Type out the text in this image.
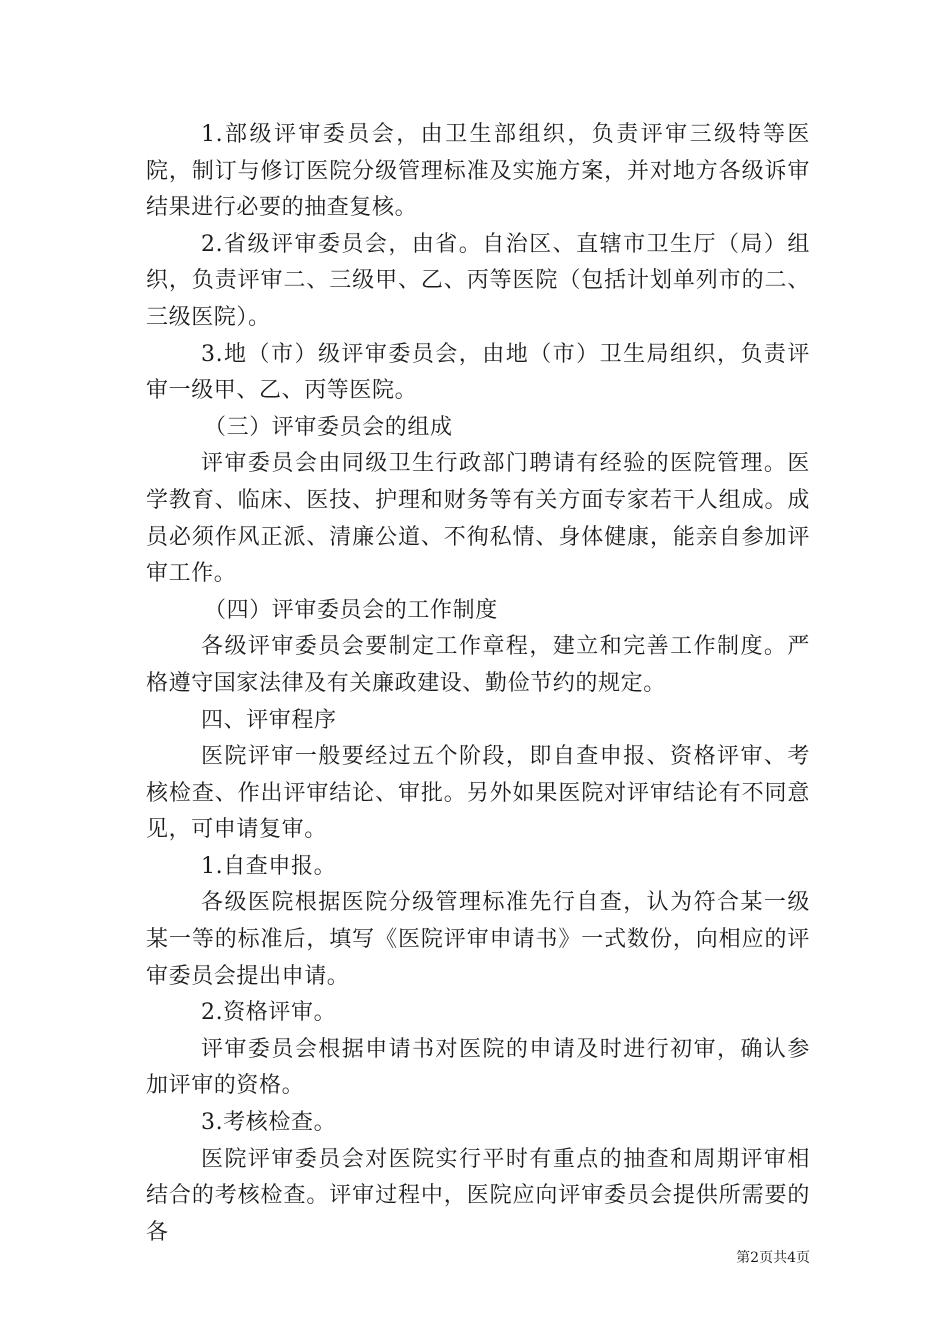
1.部级评审委员会，由卫生部组织，负责评审三级特等医院，制订与修订医院分级管理标准及实施方案，并对地方各级诉审结果进行必要的抽查复核。

2.省级评审委员会，由省。自治区、直辖市卫生厅（局）组织，负责评审二、三级甲、乙、丙等医院（包括计划单列市的二、三级医院）。

3.地（市）级评审委员会，由地（市）卫生局组织，负责评审一级甲、乙、丙等医院。

（三）评审委员会的组成

评审委员会由同级卫生行政部门聘请有经验的医院管理。医学教育、临床、医技、护理和财务等有关方面专家若干人组成。成员必须作风正派、清廉公道、不徇私情、身体健康，能亲自参加评审工作。

（四）评审委员会的工作制度

各级评审委员会要制定工作章程，建立和完善工作制度。严格遵守国家法律及有关廉政建设、勤俭节约的规定。

四、评审程序

医院评审一般要经过五个阶段，即自查申报、资格评审、考核检查、作出评审结论、审批。另外如果医院对评审结论有不同意见，可申请复审。

1.自查申报。

各级医院根据医院分级管理标准先行自查，认为符合某一级某一等的标准后，填写《医院评审申请书》一式数份，向相应的评审委员会提出申请。

2.资格评审。

评审委员会根据申请书对医院的申请及时进行初审，确认参加评审的资格。

3.考核检查。

医院评审委员会对医院实行平时有重点的抽查和周期评审相结合的考核检查。评审过程中，医院应向评审委员会提供所需要的各

第2页共4页
